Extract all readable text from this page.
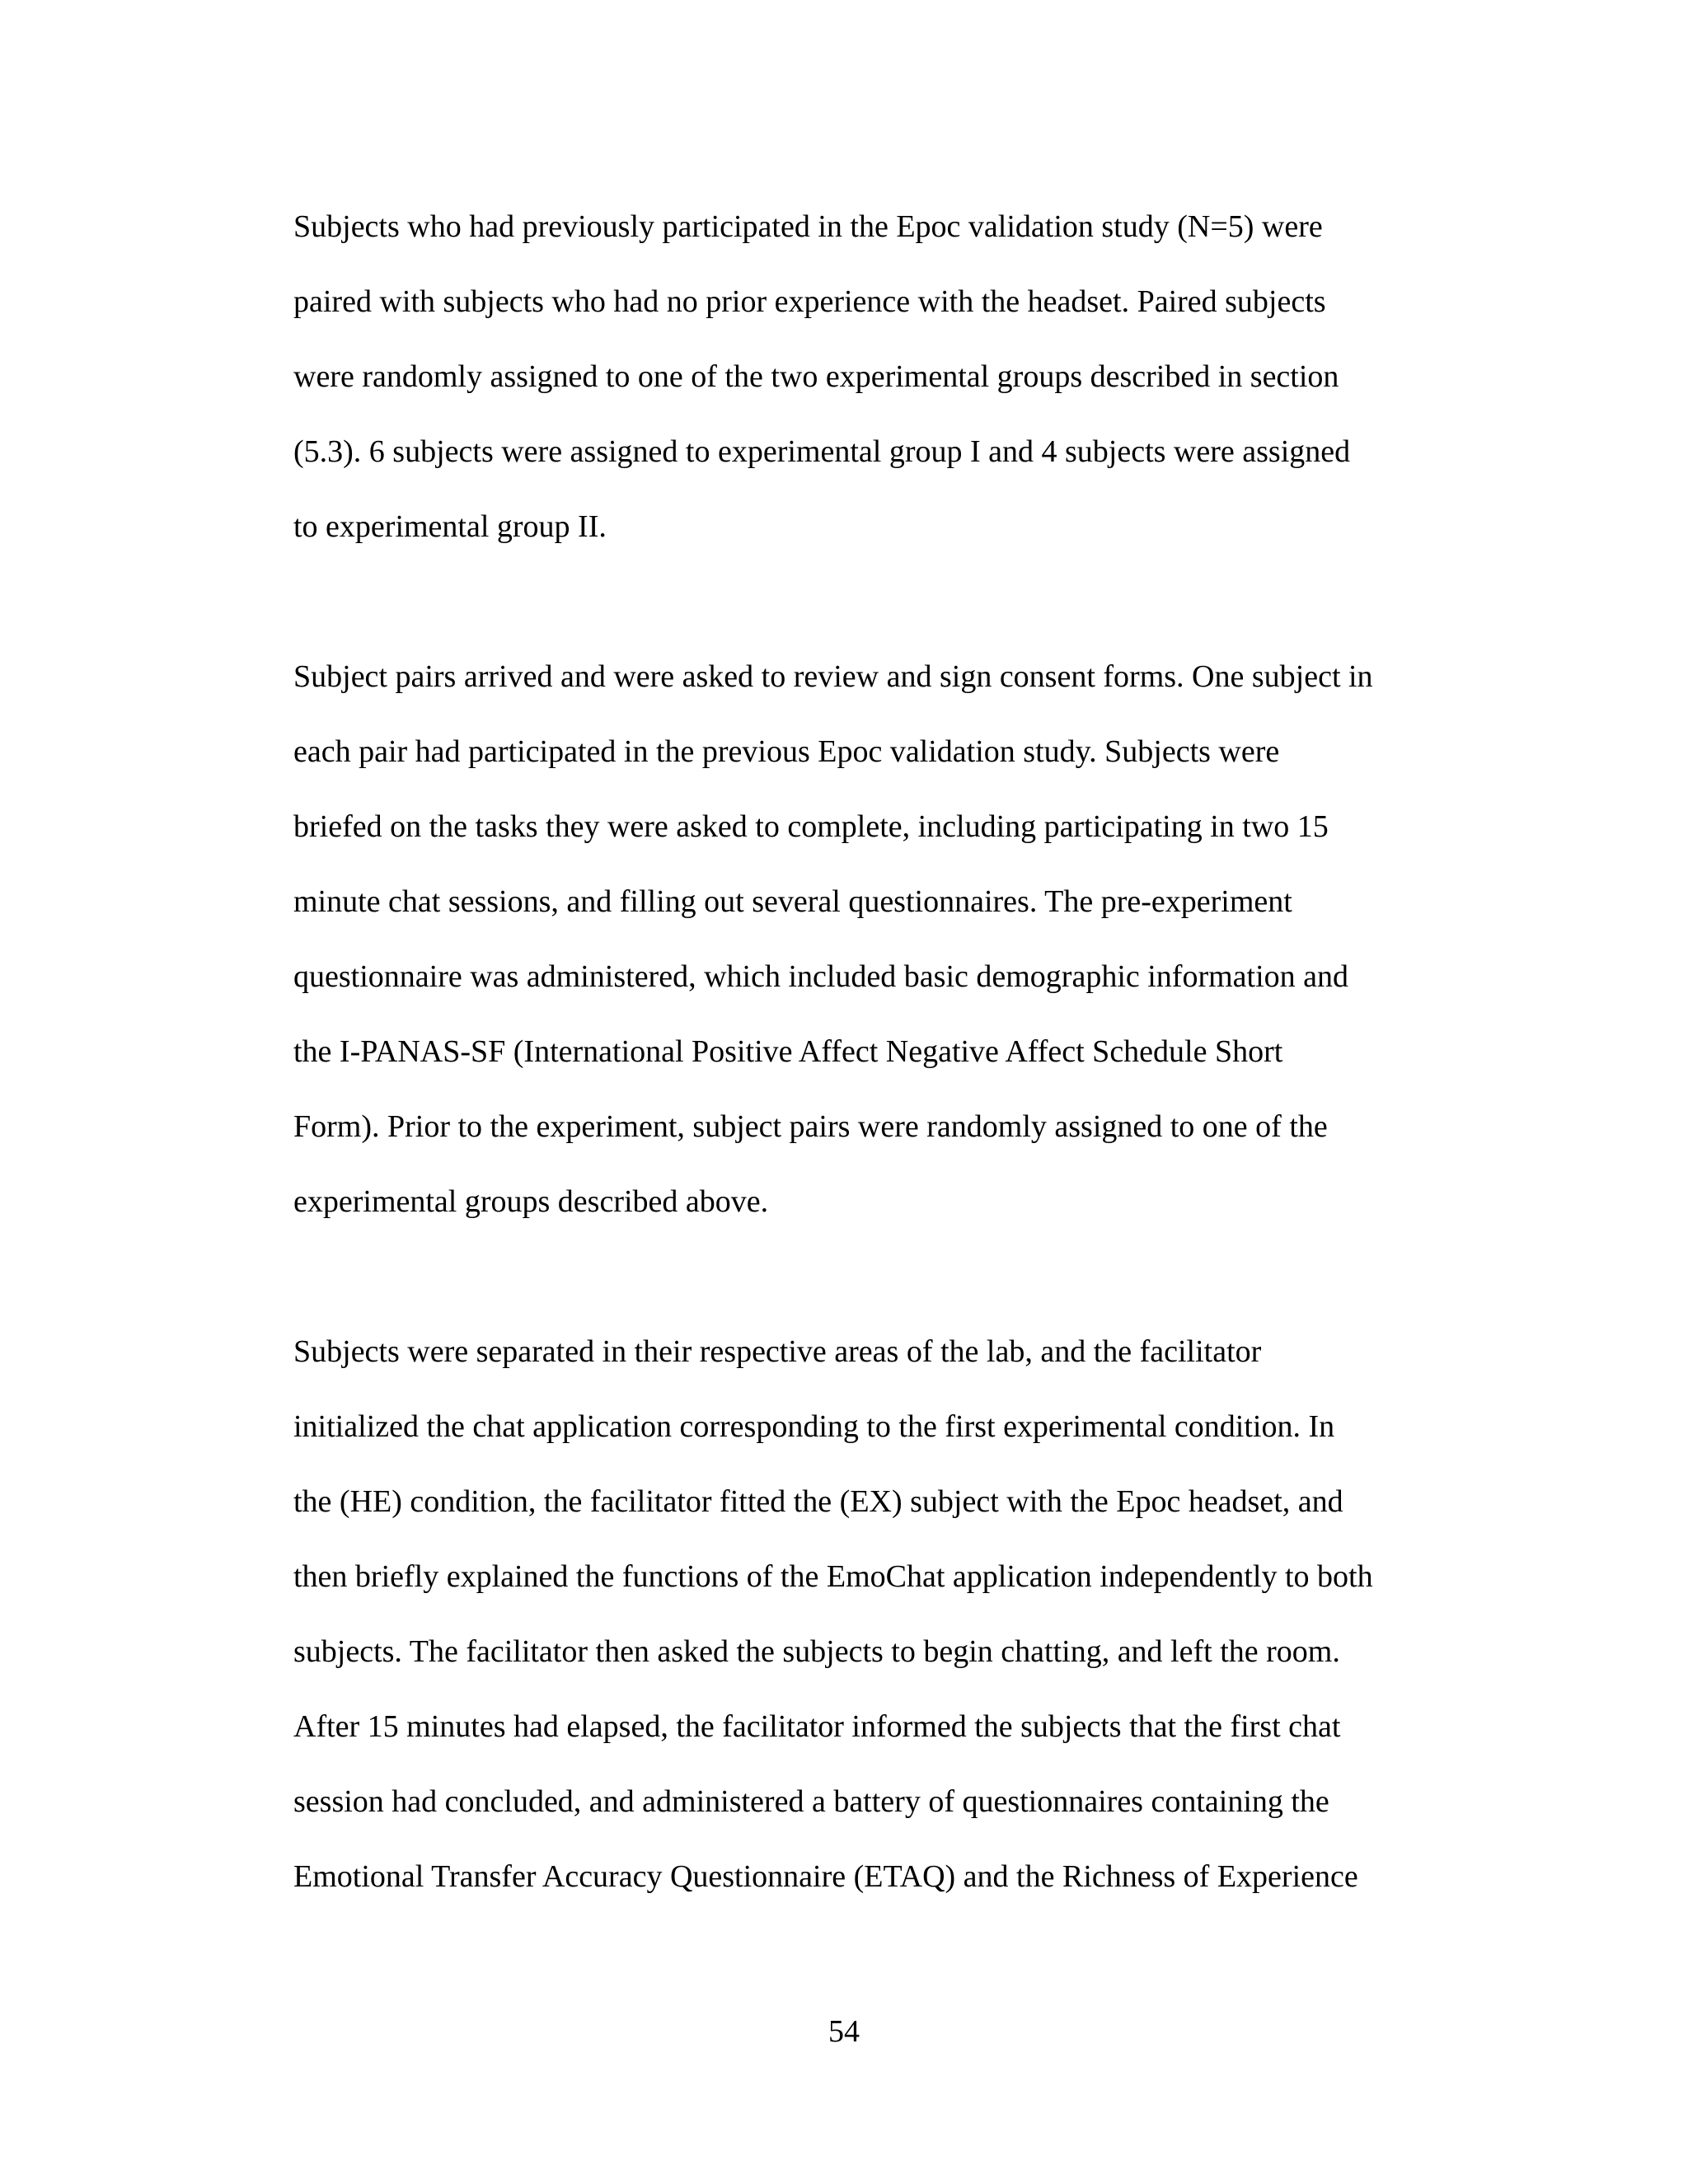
Subjects who had previously participated in the Epoc validation study (N=5) were
paired with subjects who had no prior experience with the headset. Paired subjects
were randomly assigned to one of the two experimental groups described in section
(5.3). 6 subjects were assigned to experimental group I and 4 subjects were assigned
to experimental group II.

Subject pairs arrived and were asked to review and sign consent forms. One subject in
each pair had participated in the previous Epoc validation study. Subjects were
briefed on the tasks they were asked to complete, including participating in two 15
minute chat sessions, and filling out several questionnaires. The pre-experiment
questionnaire was administered, which included basic demographic information and
the I-PANAS-SF (International Positive Affect Negative Affect Schedule Short
Form). Prior to the experiment, subject pairs were randomly assigned to one of the
experimental groups described above.

Subjects were separated in their respective areas of the lab, and the facilitator
initialized the chat application corresponding to the first experimental condition. In
the (HE) condition, the facilitator fitted the (EX) subject with the Epoc headset, and
then briefly explained the functions of the EmoChat application independently to both
subjects. The facilitator then asked the subjects to begin chatting, and left the room.
After 15 minutes had elapsed, the facilitator informed the subjects that the first chat
session had concluded, and administered a battery of questionnaires containing the
Emotional Transfer Accuracy Questionnaire (ETAQ) and the Richness of Experience

54
